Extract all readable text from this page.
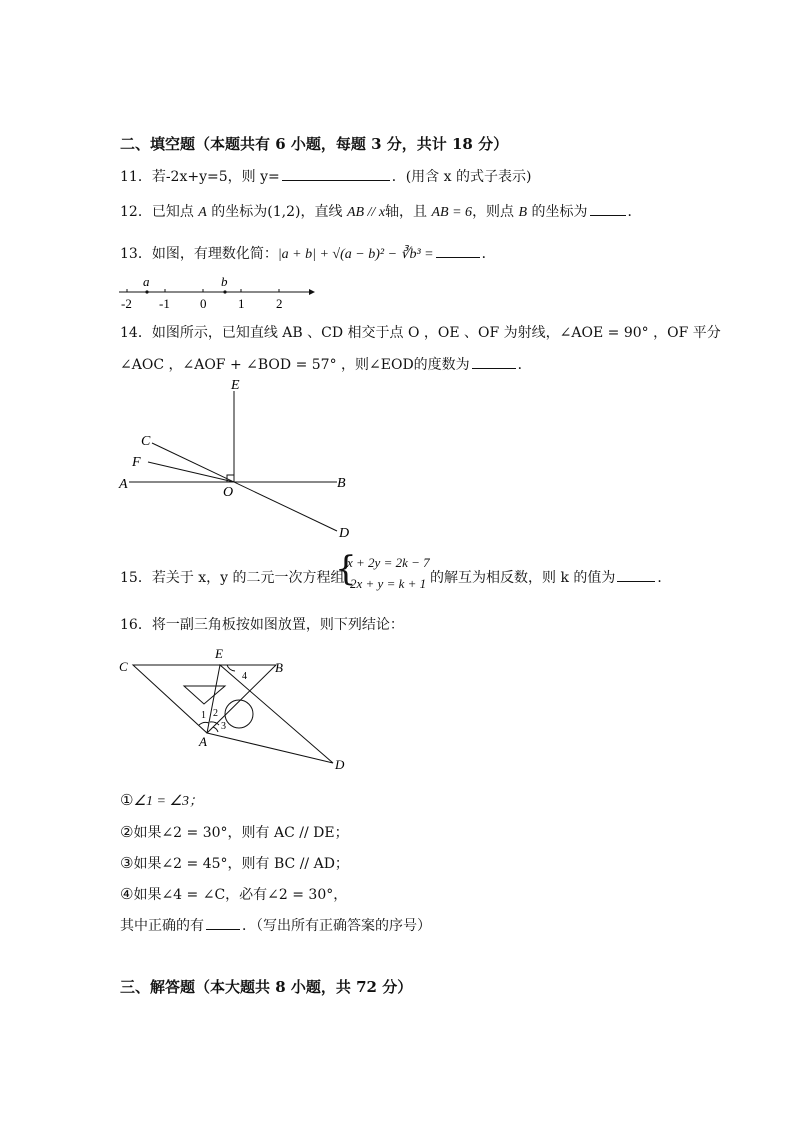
二、填空题（本题共有 6 小题，每题 3 分，共计 18 分）
11．若-2x+y=5，则 y=	．(用含 x 的式子表示)
12．已知点 A 的坐标为(1,2)，直线 AB // x轴，且 AB = 6，则点 B 的坐标为	．
13．如图，有理数化简：|a + b| + √(a − b)² − ∛b³ =	．
a	b
-2 -1 0 1 2
14．如图所示，已知直线 AB 、CD 相交于点 O ，OE 、OF 为射线，∠AOE = 90° ，OF 平分
∠AOC ，∠AOF + ∠BOD = 57° ，则∠EOD的度数为	．
E
C
F
A
O
B
D
15．若关于 x，y 的二元一次方程组
{
x + 2y = 2k − 7
2x + y = k + 1 的解互为相反数，则 k 的值为	．
16．将一副三角板按如图放置，则下列结论：
C
E
B
A
D
1 2
3
4
①∠1 = ∠3；
②如果∠2 = 30°，则有 AC // DE；
③如果∠2 = 45°，则有 BC // AD；
④如果∠4 = ∠C，必有∠2 = 30°，
其中正确的有	．（写出所有正确答案的序号）
三、解答题（本大题共 8 小题，共 72 分）
